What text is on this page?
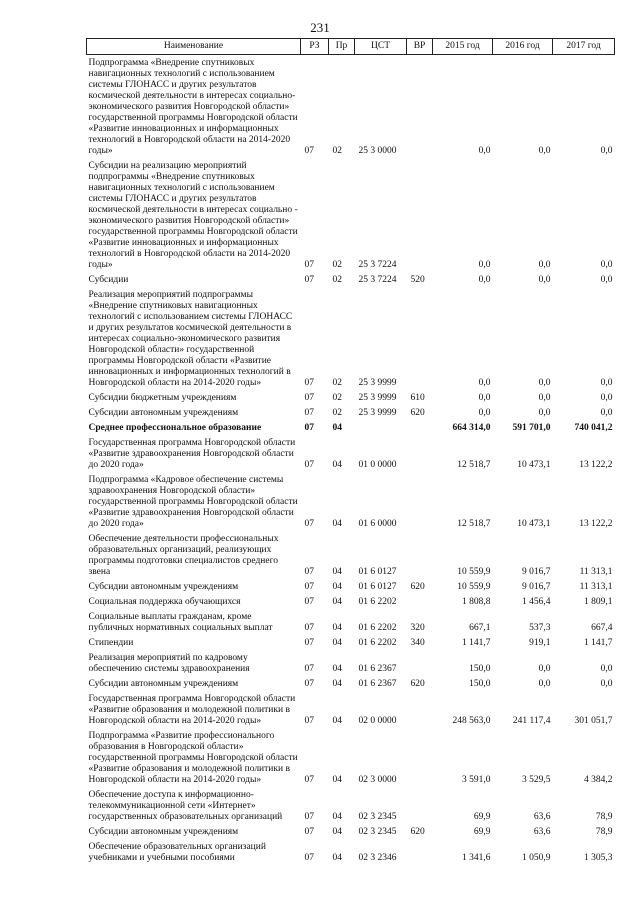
231
Наименование	РЗ	Пр	ЦСТ	ВР	2015 год	2016 год	2017 год
Подпрограмма «Внедрение спутниковых навигационных технологий с использованием системы ГЛОНАСС и других результатов космической деятельности в интересах социально-экономического развития Новгородской области» государственной программы Новгородской области «Развитие инновационных и информационных технологий в Новгородской области на 2014-2020 годы»	07	02	25 3 0000		0,0	0,0	0,0
Субсидии на реализацию мероприятий подпрограммы «Внедрение спутниковых навигационных технологий с использованием системы ГЛОНАСС и других результатов космической деятельности в интересах социально - экономического развития Новгородской области» государственной программы Новгородской области «Развитие инновационных и информационных технологий в Новгородской области на 2014-2020 годы»	07	02	25 3 7224		0,0	0,0	0,0
Субсидии	07	02	25 3 7224	520	0,0	0,0	0,0
Реализация мероприятий подпрограммы «Внедрение спутниковых навигационных технологий с использованием системы ГЛОНАСС и других результатов космической деятельности в интересах социально-экономического развития Новгородской области» государственной программы Новгородской области «Развитие инновационных и информационных технологий в Новгородской области на 2014-2020 годы»	07	02	25 3 9999		0,0	0,0	0,0
Субсидии бюджетным учреждениям	07	02	25 3 9999	610	0,0	0,0	0,0
Субсидии автономным учреждениям	07	02	25 3 9999	620	0,0	0,0	0,0
Среднее профессиональное образование	07	04			664 314,0	591 701,0	740 041,2
Государственная программа Новгородской области «Развитие здравоохранения Новгородской области до 2020 года»	07	04	01 0 0000		12 518,7	10 473,1	13 122,2
Подпрограмма «Кадровое обеспечение системы здравоохранения Новгородской области» государственной программы Новгородской области «Развитие здравоохранения Новгородской области до 2020 года»	07	04	01 6 0000		12 518,7	10 473,1	13 122,2
Обеспечение деятельности профессиональных образовательных организаций, реализующих программы подготовки специалистов среднего звена	07	04	01 6 0127		10 559,9	9 016,7	11 313,1
Субсидии автономным учреждениям	07	04	01 6 0127	620	10 559,9	9 016,7	11 313,1
Социальная поддержка обучающихся	07	04	01 6 2202		1 808,8	1 456,4	1 809,1
Социальные выплаты гражданам, кроме публичных нормативных социальных выплат	07	04	01 6 2202	320	667,1	537,3	667,4
Стипендии	07	04	01 6 2202	340	1 141,7	919,1	1 141,7
Реализация мероприятий по кадровому обеспечению системы здравоохранения	07	04	01 6 2367		150,0	0,0	0,0
Субсидии автономным учреждениям	07	04	01 6 2367	620	150,0	0,0	0,0
Государственная программа Новгородской области «Развитие образования и молодежной политики в Новгородской области на 2014-2020 годы»	07	04	02 0 0000		248 563,0	241 117,4	301 051,7
Подпрограмма «Развитие профессионального образования в Новгородской области» государственной программы Новгородской области «Развитие образования и молодежной политики в Новгородской области на 2014-2020 годы»	07	04	02 3 0000		3 591,0	3 529,5	4 384,2
Обеспечение доступа к информационно-телекоммуникационной сети «Интернет» государственных образовательных организаций	07	04	02 3 2345		69,9	63,6	78,9
Субсидии автономным учреждениям	07	04	02 3 2345	620	69,9	63,6	78,9
Обеспечение образовательных организаций учебниками и учебными пособиями	07	04	02 3 2346		1 341,6	1 050,9	1 305,3
